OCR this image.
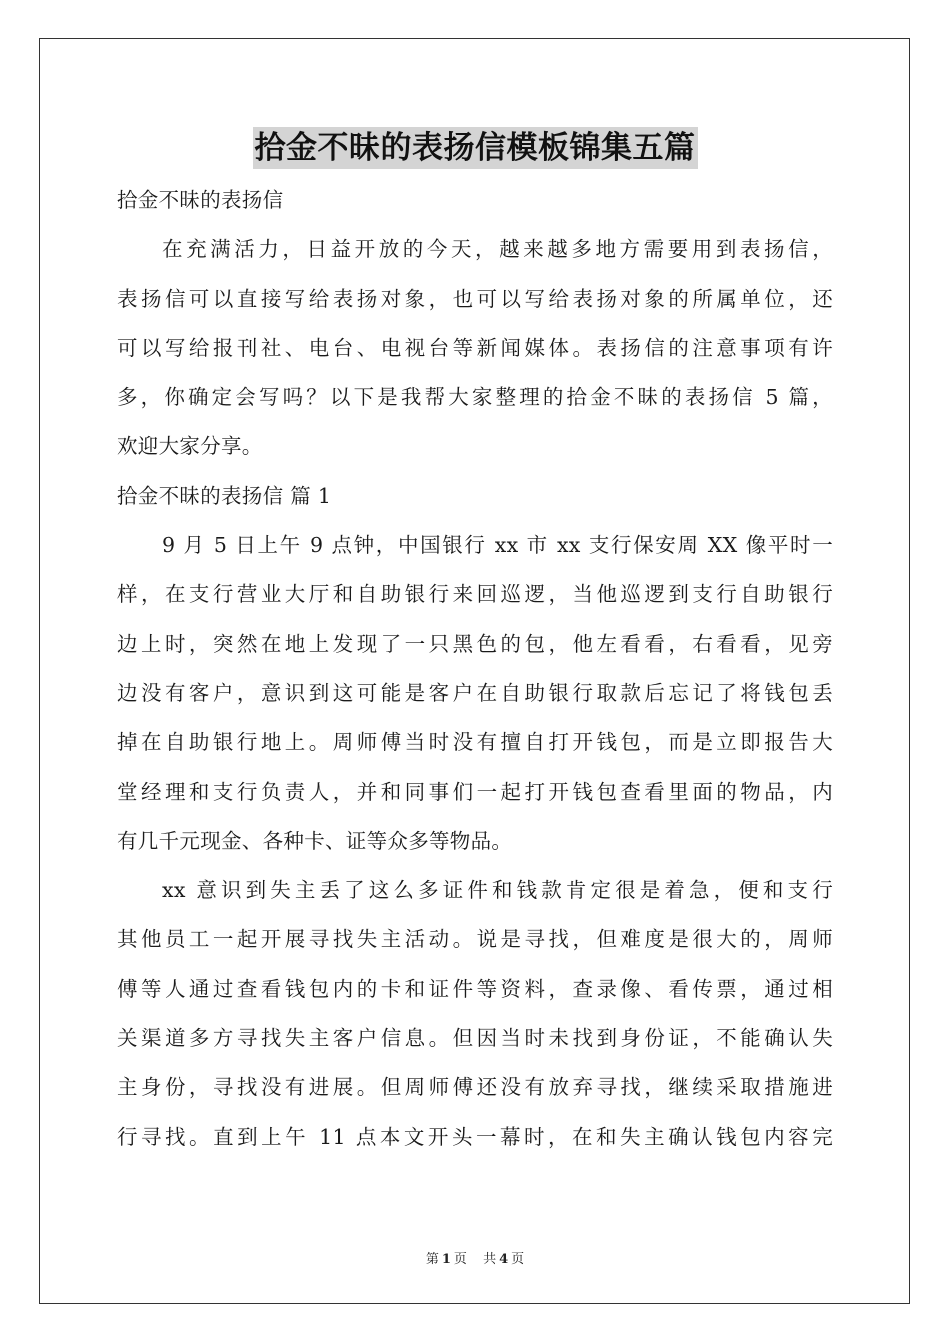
拾金不昧的表扬信模板锦集五篇
拾金不昧的表扬信
在充满活力，日益开放的今天，越来越多地方需要用到表扬信，
表扬信可以直接写给表扬对象，也可以写给表扬对象的所属单位，还
可以写给报刊社、电台、电视台等新闻媒体。表扬信的注意事项有许
多，你确定会写吗？以下是我帮大家整理的拾金不昧的表扬信 5 篇，
欢迎大家分享。
拾金不昧的表扬信 篇 1
9 月 5 日上午 9 点钟，中国银行 xx 市 xx 支行保安周 XX 像平时一
样，在支行营业大厅和自助银行来回巡逻，当他巡逻到支行自助银行
边上时，突然在地上发现了一只黑色的包，他左看看，右看看，见旁
边没有客户，意识到这可能是客户在自助银行取款后忘记了将钱包丢
掉在自助银行地上。周师傅当时没有擅自打开钱包，而是立即报告大
堂经理和支行负责人，并和同事们一起打开钱包查看里面的物品，内
有几千元现金、各种卡、证等众多等物品。
xx 意识到失主丢了这么多证件和钱款肯定很是着急，便和支行
其他员工一起开展寻找失主活动。说是寻找，但难度是很大的，周师
傅等人通过查看钱包内的卡和证件等资料，查录像、看传票，通过相
关渠道多方寻找失主客户信息。但因当时未找到身份证，不能确认失
主身份，寻找没有进展。但周师傅还没有放弃寻找，继续采取措施进
行寻找。直到上午 11 点本文开头一幕时，在和失主确认钱包内容完
第 1 页 共 4 页
